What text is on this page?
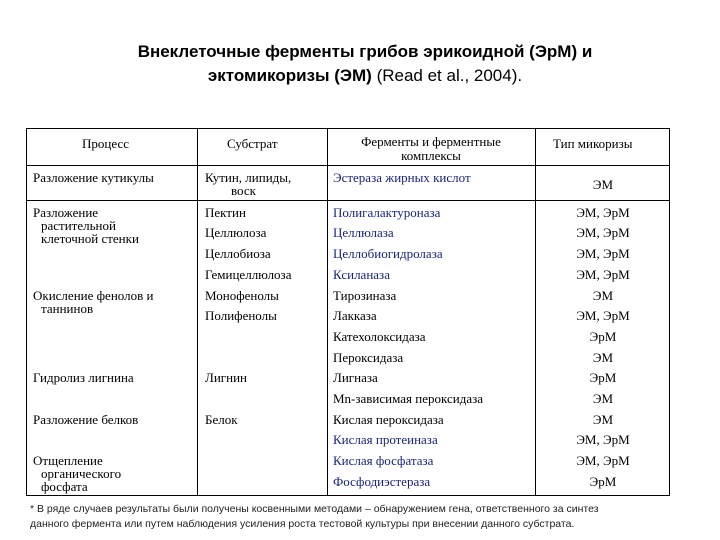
Внеклеточные ферменты грибов эрикоидной (ЭрМ) и
эктомикоризы (ЭМ) (Read et al., 2004).
Процесс	Субстрат	Ферменты и ферментные
комплексы
Тип микоризы
Разложение кутикулы
Разложение
растительной
клеточной стенки
Окисление фенолов и
таннинов
Гидролиз лигнина
Разложение белков
Отщепление
органического
фосфата
Кутин, липиды,
воск
Пектин
Целлюлоза
Целлобиоза
Гемицеллюлоза
Монофенолы
Полифенолы
Лигнин
Белок
Эстераза жирных кислот
Полигалактуроназа
Целлюлаза
Целлобиогидролаза
Ксиланаза
Тирозиназа
Лакказа
Катехолоксидаза
Пероксидаза
Лигназа
Mn-зависимая пероксидаза
Кислая пероксидаза
Кислая протеиназа
Кислая фосфатаза
Фосфодиэстераза
ЭМ
ЭМ, ЭрМ
ЭМ, ЭрМ
ЭМ, ЭрМ
ЭМ, ЭрМ
ЭМ
ЭМ, ЭрМ
ЭрМ
ЭМ
ЭрМ
ЭМ
ЭМ
ЭМ, ЭрМ
ЭМ, ЭрМ
ЭрМ
* В ряде случаев результаты были получены косвенными методами – обнаружением гена, ответственного за синтез
данного фермента или путем наблюдения усиления роста тестовой культуры при внесении данного субстрата.
